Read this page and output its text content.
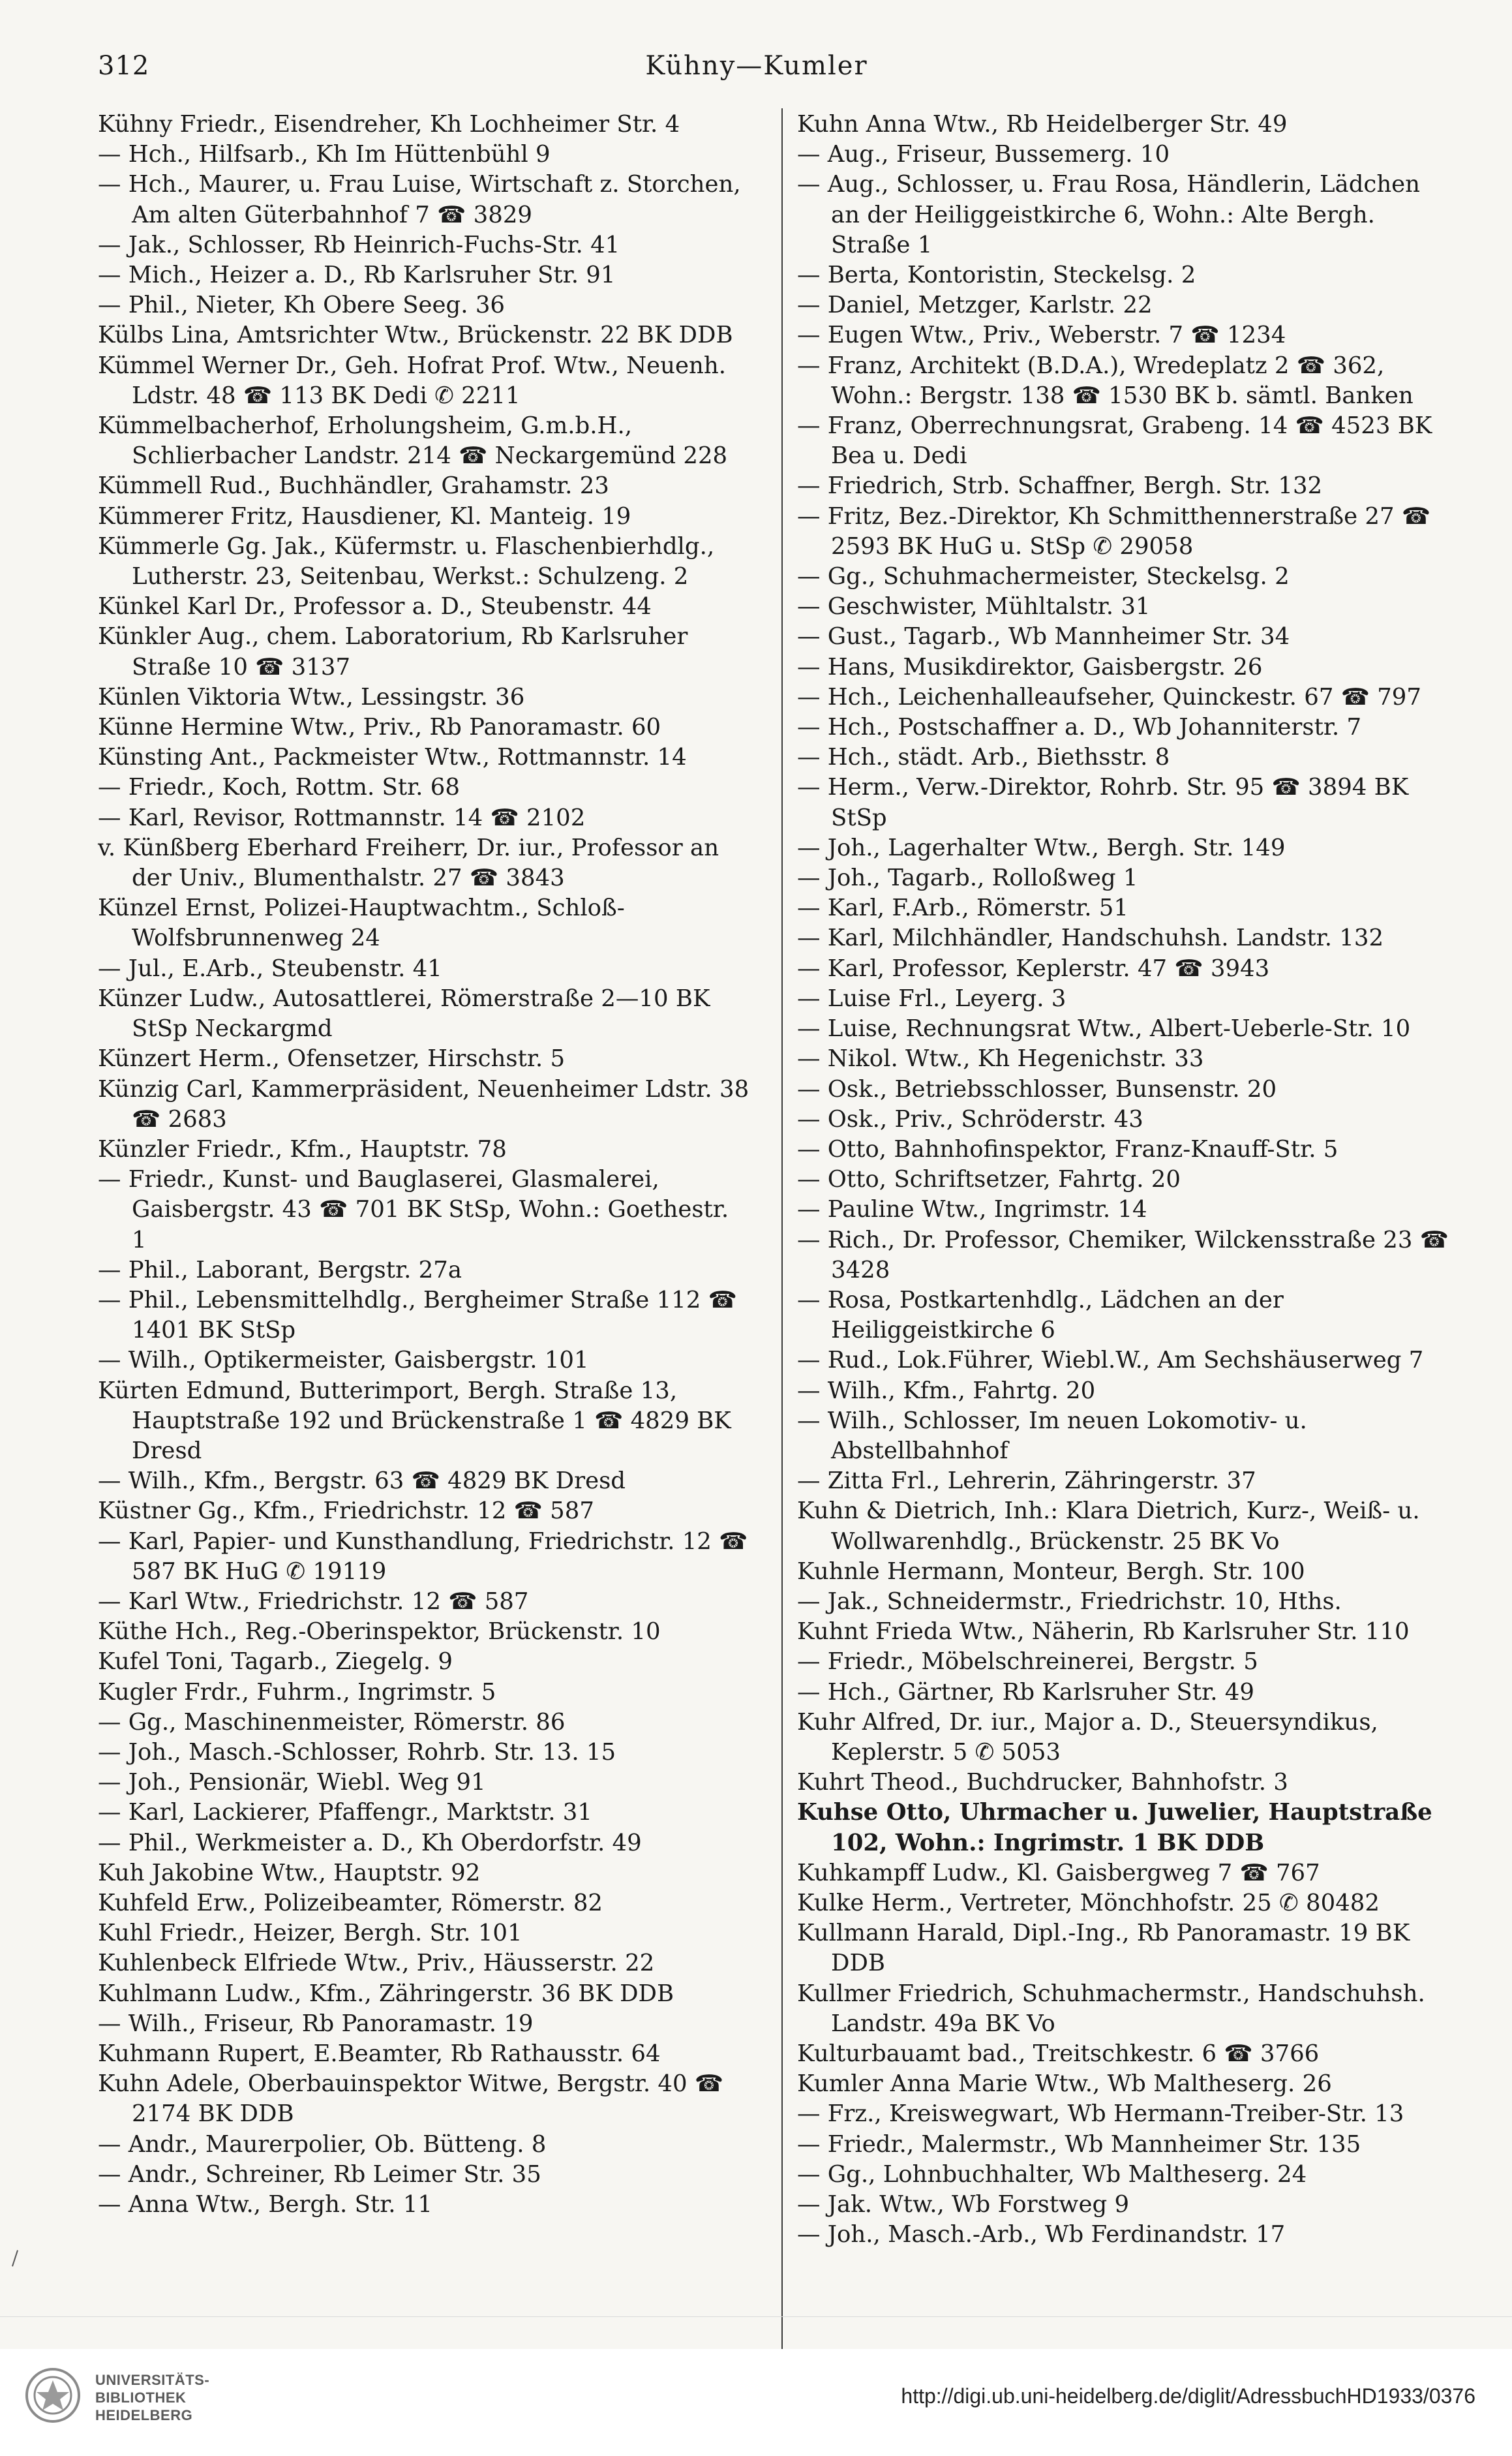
312	Kühny—Kumler
Kühny Friedr., Eisendreher, Kh Lochheimer Str. 4
— Hch., Hilfsarb., Kh Im Hüttenbühl 9
— Hch., Maurer, u. Frau Luise, Wirtschaft z. Storchen, Am alten Güterbahnhof 7 ☎ 3829
— Jak., Schlosser, Rb Heinrich-Fuchs-Str. 41
— Mich., Heizer a. D., Rb Karlsruher Str. 91
— Phil., Nieter, Kh Obere Seeg. 36
Külbs Lina, Amtsrichter Wtw., Brückenstr. 22 BK DDB
Kümmel Werner Dr., Geh. Hofrat Prof. Wtw., Neuenh. Ldstr. 48 ☎ 113 BK Dedi ✆ 2211
Kümmelbacherhof, Erholungsheim, G.m.b.H., Schlierbacher Landstr. 214 ☎ Neckargemünd 228
Kümmell Rud., Buchhändler, Grahamstr. 23
Kümmerer Fritz, Hausdiener, Kl. Manteig. 19
Kümmerle Gg. Jak., Küfermstr. u. Flaschenbierhdlg., Lutherstr. 23, Seitenbau, Werkst.: Schulzeng. 2
Künkel Karl Dr., Professor a. D., Steubenstr. 44
Künkler Aug., chem. Laboratorium, Rb Karlsruher Straße 10 ☎ 3137
Künlen Viktoria Wtw., Lessingstr. 36
Künne Hermine Wtw., Priv., Rb Panoramastr. 60
Künsting Ant., Packmeister Wtw., Rottmannstr. 14
— Friedr., Koch, Rottm. Str. 68
— Karl, Revisor, Rottmannstr. 14 ☎ 2102
v. Künßberg Eberhard Freiherr, Dr. iur., Professor an der Univ., Blumenthalstr. 27 ☎ 3843
Künzel Ernst, Polizei-Hauptwachtm., Schloß-Wolfsbrunnenweg 24
— Jul., E.Arb., Steubenstr. 41
Künzer Ludw., Autosattlerei, Römerstraße 2—10 BK StSp Neckargmd
Künzert Herm., Ofensetzer, Hirschstr. 5
Künzig Carl, Kammerpräsident, Neuenheimer Ldstr. 38 ☎ 2683
Künzler Friedr., Kfm., Hauptstr. 78
— Friedr., Kunst- und Bauglaserei, Glasmalerei, Gaisbergstr. 43 ☎ 701 BK StSp, Wohn.: Goethestr. 1
— Phil., Laborant, Bergstr. 27a
— Phil., Lebensmittelhdlg., Bergheimer Straße 112 ☎ 1401 BK StSp
— Wilh., Optikermeister, Gaisbergstr. 101
Kürten Edmund, Butterimport, Bergh. Straße 13, Hauptstraße 192 und Brückenstraße 1 ☎ 4829 BK Dresd
— Wilh., Kfm., Bergstr. 63 ☎ 4829 BK Dresd
Küstner Gg., Kfm., Friedrichstr. 12 ☎ 587
— Karl, Papier- und Kunsthandlung, Friedrichstr. 12 ☎ 587 BK HuG ✆ 19119
— Karl Wtw., Friedrichstr. 12 ☎ 587
Küthe Hch., Reg.-Oberinspektor, Brückenstr. 10
Kufel Toni, Tagarb., Ziegelg. 9
Kugler Frdr., Fuhrm., Ingrimstr. 5
— Gg., Maschinenmeister, Römerstr. 86
— Joh., Masch.-Schlosser, Rohrb. Str. 13. 15
— Joh., Pensionär, Wiebl. Weg 91
— Karl, Lackierer, Pfaffengr., Marktstr. 31
— Phil., Werkmeister a. D., Kh Oberdorfstr. 49
Kuh Jakobine Wtw., Hauptstr. 92
Kuhfeld Erw., Polizeibeamter, Römerstr. 82
Kuhl Friedr., Heizer, Bergh. Str. 101
Kuhlenbeck Elfriede Wtw., Priv., Häusserstr. 22
Kuhlmann Ludw., Kfm., Zähringerstr. 36 BK DDB
— Wilh., Friseur, Rb Panoramastr. 19
Kuhmann Rupert, E.Beamter, Rb Rathausstr. 64
Kuhn Adele, Oberbauinspektor Witwe, Bergstr. 40 ☎ 2174 BK DDB
— Andr., Maurerpolier, Ob. Bütteng. 8
— Andr., Schreiner, Rb Leimer Str. 35
— Anna Wtw., Bergh. Str. 11
Kuhn Anna Wtw., Rb Heidelberger Str. 49
— Aug., Friseur, Bussemerg. 10
— Aug., Schlosser, u. Frau Rosa, Händlerin, Lädchen an der Heiliggeistkirche 6, Wohn.: Alte Bergh. Straße 1
— Berta, Kontoristin, Steckelsg. 2
— Daniel, Metzger, Karlstr. 22
— Eugen Wtw., Priv., Weberstr. 7 ☎ 1234
— Franz, Architekt (B.D.A.), Wredeplatz 2 ☎ 362, Wohn.: Bergstr. 138 ☎ 1530 BK b. sämtl. Banken
— Franz, Oberrechnungsrat, Grabeng. 14 ☎ 4523 BK Bea u. Dedi
— Friedrich, Strb. Schaffner, Bergh. Str. 132
— Fritz, Bez.-Direktor, Kh Schmitthennerstraße 27 ☎ 2593 BK HuG u. StSp ✆ 29058
— Gg., Schuhmachermeister, Steckelsg. 2
— Geschwister, Mühltalstr. 31
— Gust., Tagarb., Wb Mannheimer Str. 34
— Hans, Musikdirektor, Gaisbergstr. 26
— Hch., Leichenhalleaufseher, Quinckestr. 67 ☎ 797
— Hch., Postschaffner a. D., Wb Johanniterstr. 7
— Hch., städt. Arb., Biethsstr. 8
— Herm., Verw.-Direktor, Rohrb. Str. 95 ☎ 3894 BK StSp
— Joh., Lagerhalter Wtw., Bergh. Str. 149
— Joh., Tagarb., Rolloßweg 1
— Karl, F.Arb., Römerstr. 51
— Karl, Milchhändler, Handschuhsh. Landstr. 132
— Karl, Professor, Keplerstr. 47 ☎ 3943
— Luise Frl., Leyerg. 3
— Luise, Rechnungsrat Wtw., Albert-Ueberle-Str. 10
— Nikol. Wtw., Kh Hegenichstr. 33
— Osk., Betriebsschlosser, Bunsenstr. 20
— Osk., Priv., Schröderstr. 43
— Otto, Bahnhofinspektor, Franz-Knauff-Str. 5
— Otto, Schriftsetzer, Fahrtg. 20
— Pauline Wtw., Ingrimstr. 14
— Rich., Dr. Professor, Chemiker, Wilckensstraße 23 ☎ 3428
— Rosa, Postkartenhdlg., Lädchen an der Heiliggeistkirche 6
— Rud., Lok.Führer, Wiebl.W., Am Sechshäuserweg 7
— Wilh., Kfm., Fahrtg. 20
— Wilh., Schlosser, Im neuen Lokomotiv- u. Abstellbahnhof
— Zitta Frl., Lehrerin, Zähringerstr. 37
Kuhn & Dietrich, Inh.: Klara Dietrich, Kurz-, Weiß- u. Wollwarenhdlg., Brückenstr. 25 BK Vo
Kuhnle Hermann, Monteur, Bergh. Str. 100
— Jak., Schneidermstr., Friedrichstr. 10, Hths.
Kuhnt Frieda Wtw., Näherin, Rb Karlsruher Str. 110
— Friedr., Möbelschreinerei, Bergstr. 5
— Hch., Gärtner, Rb Karlsruher Str. 49
Kuhr Alfred, Dr. iur., Major a. D., Steuersyndikus, Keplerstr. 5 ✆ 5053
Kuhrt Theod., Buchdrucker, Bahnhofstr. 3
Kuhse Otto, Uhrmacher u. Juwelier, Hauptstraße 102, Wohn.: Ingrimstr. 1 BK DDB
Kuhkampff Ludw., Kl. Gaisbergweg 7 ☎ 767
Kulke Herm., Vertreter, Mönchhofstr. 25 ✆ 80482
Kullmann Harald, Dipl.-Ing., Rb Panoramastr. 19 BK DDB
Kullmer Friedrich, Schuhmachermstr., Handschuhsh. Landstr. 49a BK Vo
Kulturbauamt bad., Treitschkestr. 6 ☎ 3766
Kumler Anna Marie Wtw., Wb Maltheserg. 26
— Frz., Kreiswegwart, Wb Hermann-Treiber-Str. 13
— Friedr., Malermstr., Wb Mannheimer Str. 135
— Gg., Lohnbuchhalter, Wb Maltheserg. 24
— Jak. Wtw., Wb Forstweg 9
— Joh., Masch.-Arb., Wb Ferdinandstr. 17
UNIVERSITÄTS-
BIBLIOTHEK
HEIDELBERG
http://digi.ub.uni-heidelberg.de/diglit/AdressbuchHD1933/0376
